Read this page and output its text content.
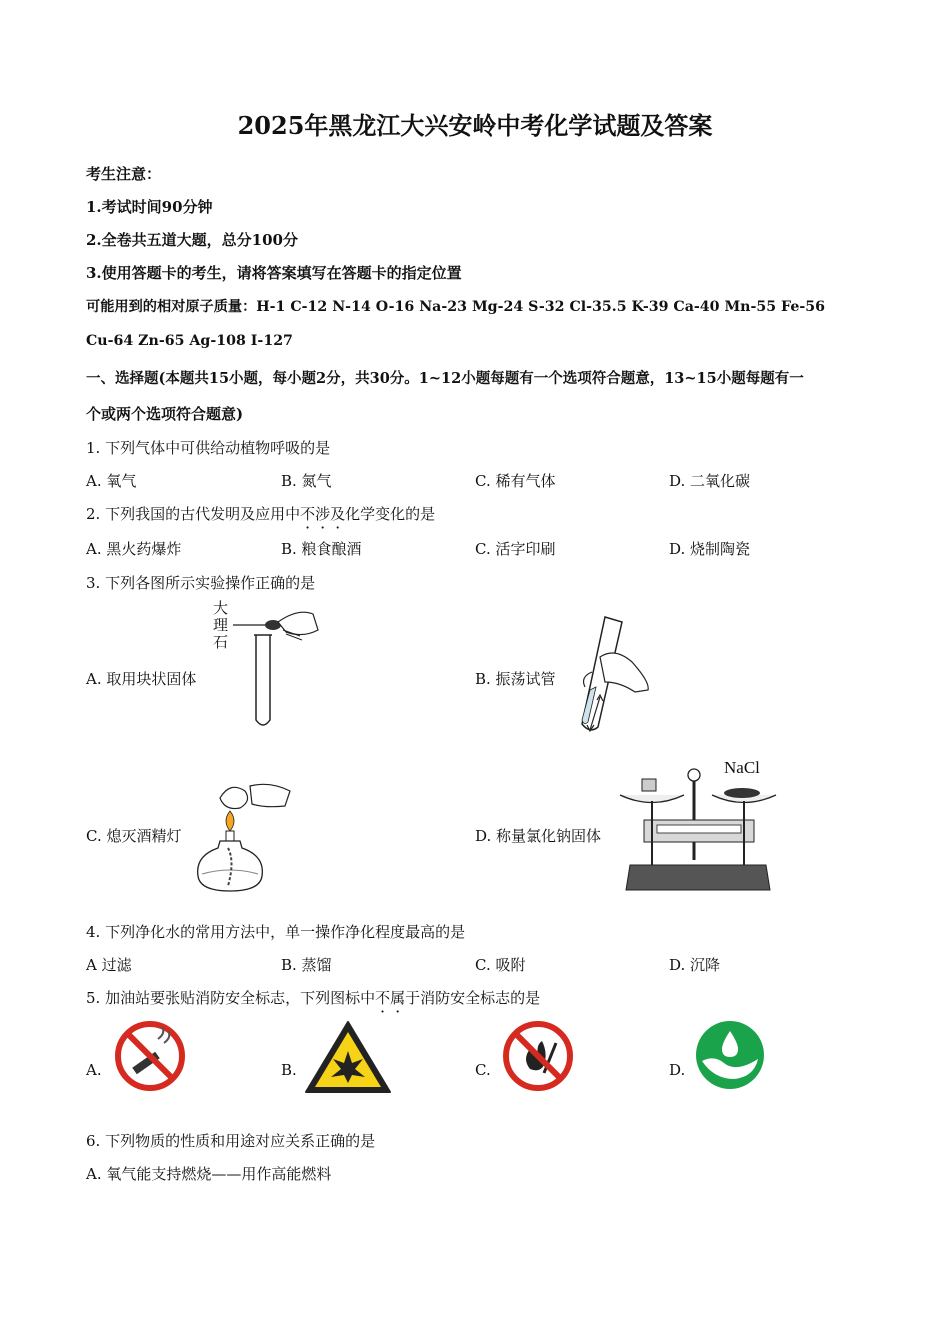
2025年黑龙江大兴安岭中考化学试题及答案
考生注意：
1.考试时间90分钟
2.全卷共五道大题，总分100分
3.使用答题卡的考生，请将答案填写在答题卡的指定位置
可能用到的相对原子质量：H-1 C-12 N-14 O-16 Na-23 Mg-24 S-32 Cl-35.5 K-39 Ca-40 Mn-55 Fe-56
Cu-64 Zn-65 Ag-108 I-127
一、选择题(本题共15小题，每小题2分，共30分。1~12小题每题有一个选项符合题意，13~15小题每题有一
个或两个选项符合题意)
1. 下列气体中可供给动植物呼吸的是
A. 氧气	B. 氮气	C. 稀有气体	D. 二氧化碳
2. 下列我国的古代发明及应用中不涉及化学变化的是
A. 黑火药爆炸	B. 粮食酿酒	C. 活字印刷	D. 烧制陶瓷
3. 下列各图所示实验操作正确的是
大
理
石
A. 取用块状固体	B. 振荡试管
C. 熄灭酒精灯
NaCl
D. 称量氯化钠固体
4. 下列净化水的常用方法中，单一操作净化程度最高的是
A 过滤	B. 蒸馏	C. 吸附	D. 沉降
5. 加油站要张贴消防安全标志，下列图标中不属于消防安全标志的是
A.	B.	C.	D.
6. 下列物质的性质和用途对应关系正确的是
A. 氧气能支持燃烧——用作高能燃料
